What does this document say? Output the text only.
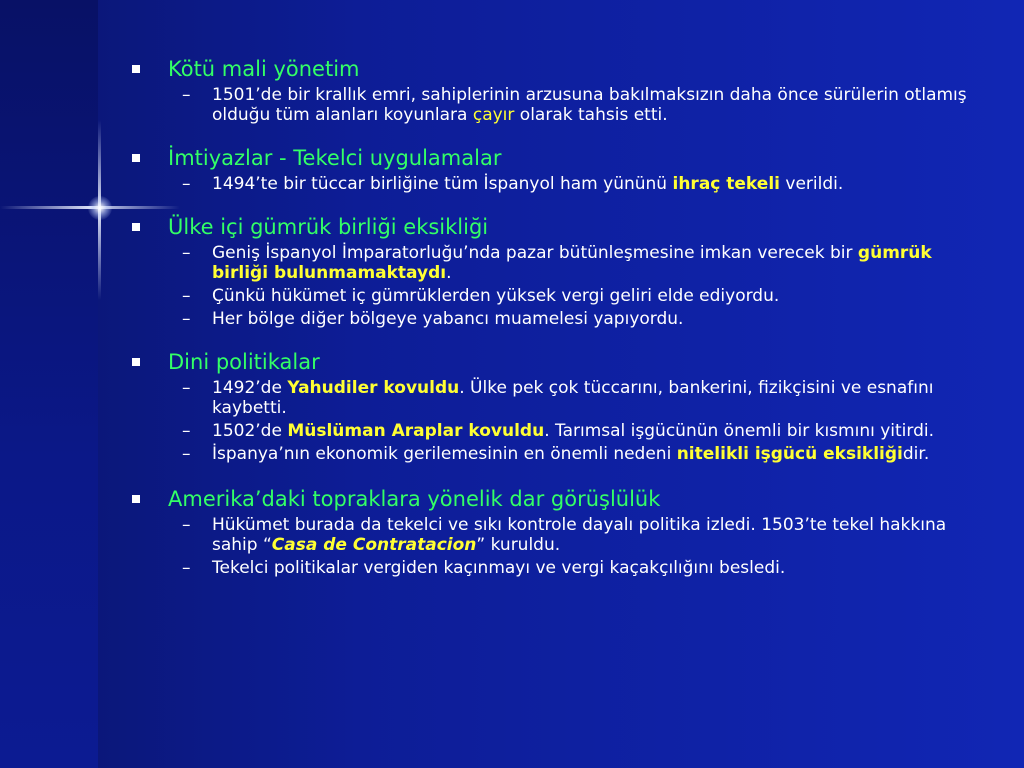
Kötü mali yönetim
– 1501’de bir krallık emri, sahiplerinin arzusuna bakılmaksızın daha önce sürülerin otlamış olduğu tüm alanları koyunlara çayır olarak tahsis etti.
İmtiyazlar - Tekelci uygulamalar
– 1494’te bir tüccar birliğine tüm İspanyol ham yününü ihraç tekeli verildi.
Ülke içi gümrük birliği eksikliği
– Geniş İspanyol İmparatorluğu’nda pazar bütünleşmesine imkan verecek bir gümrük birliği bulunmamaktaydı.
– Çünkü hükümet iç gümrüklerden yüksek vergi geliri elde ediyordu.
– Her bölge diğer bölgeye yabancı muamelesi yapıyordu.
Dini politikalar
– 1492’de Yahudiler kovuldu. Ülke pek çok tüccarını, bankerini, fizikçisini ve esnafını kaybetti.
– 1502’de Müslüman Araplar kovuldu. Tarımsal işgücünün önemli bir kısmını yitirdi.
– İspanya’nın ekonomik gerilemesinin en önemli nedeni nitelikli işgücü eksikliğidir.
Amerika’daki topraklara yönelik dar görüşlülük
– Hükümet burada da tekelci ve sıkı kontrole dayalı politika izledi. 1503’te tekel hakkına sahip “Casa de Contratacion” kuruldu.
– Tekelci politikalar vergiden kaçınmayı ve vergi kaçakçılığını besledi.
